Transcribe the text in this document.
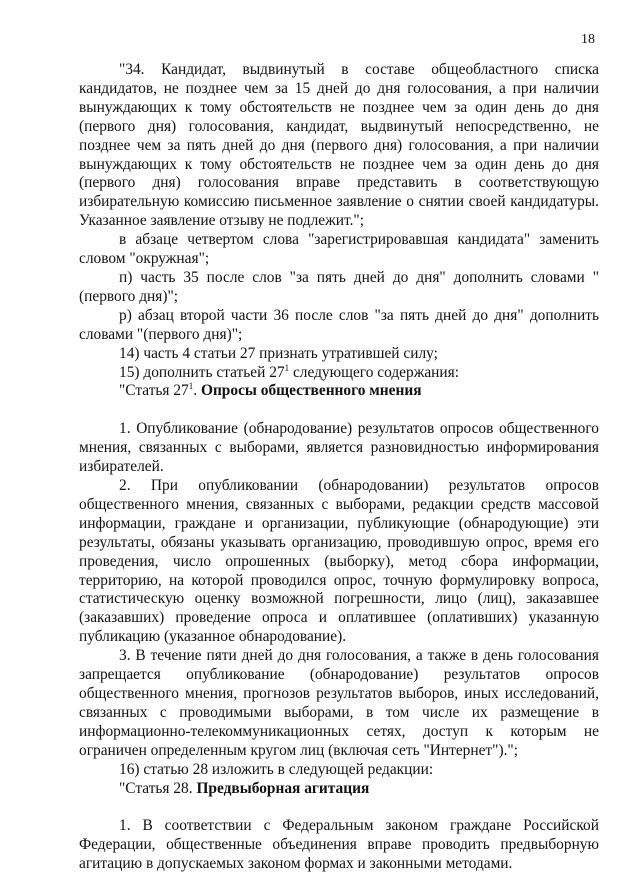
18

"34. Кандидат, выдвинутый в составе общеобластного списка кандидатов, не позднее чем за 15 дней до дня голосования, а при наличии вынуждающих к тому обстоятельств не позднее чем за один день до дня (первого дня) голосования, кандидат, выдвинутый непосредственно, не позднее чем за пять дней до дня (первого дня) голосования, а при наличии вынуждающих к тому обстоятельств не позднее чем за один день до дня (первого дня) голосования вправе представить в соответствующую избирательную комиссию письменное заявление о снятии своей кандидатуры. Указанное заявление отзыву не подлежит.";

в абзаце четвертом слова "зарегистрировавшая кандидата" заменить словом "окружная";

п) часть 35 после слов "за пять дней до дня" дополнить словами "(первого дня)";

р) абзац второй части 36 после слов "за пять дней до дня" дополнить словами "(первого дня)";

14) часть 4 статьи 27 признать утратившей силу;

15) дополнить статьей $27^1$ следующего содержания:

"Статья $27^1$. Опросы общественного мнения

1. Опубликование (обнародование) результатов опросов общественного мнения, связанных с выборами, является разновидностью информирования избирателей.

2. При опубликовании (обнародовании) результатов опросов общественного мнения, связанных с выборами, редакции средств массовой информации, граждане и организации, публикующие (обнародующие) эти результаты, обязаны указывать организацию, проводившую опрос, время его проведения, число опрошенных (выборку), метод сбора информации, территорию, на которой проводился опрос, точную формулировку вопроса, статистическую оценку возможной погрешности, лицо (лиц), заказавшее (заказавших) проведение опроса и оплатившее (оплативших) указанную публикацию (указанное обнародование).

3. В течение пяти дней до дня голосования, а также в день голосования запрещается опубликование (обнародование) результатов опросов общественного мнения, прогнозов результатов выборов, иных исследований, связанных с проводимыми выборами, в том числе их размещение в информационно-телекоммуникационных сетях, доступ к которым не ограничен определенным кругом лиц (включая сеть "Интернет").";

16) статью 28 изложить в следующей редакции:

"Статья 28. Предвыборная агитация

1. В соответствии с Федеральным законом граждане Российской Федерации, общественные объединения вправе проводить предвыборную агитацию в допускаемых законом формах и законными методами.
